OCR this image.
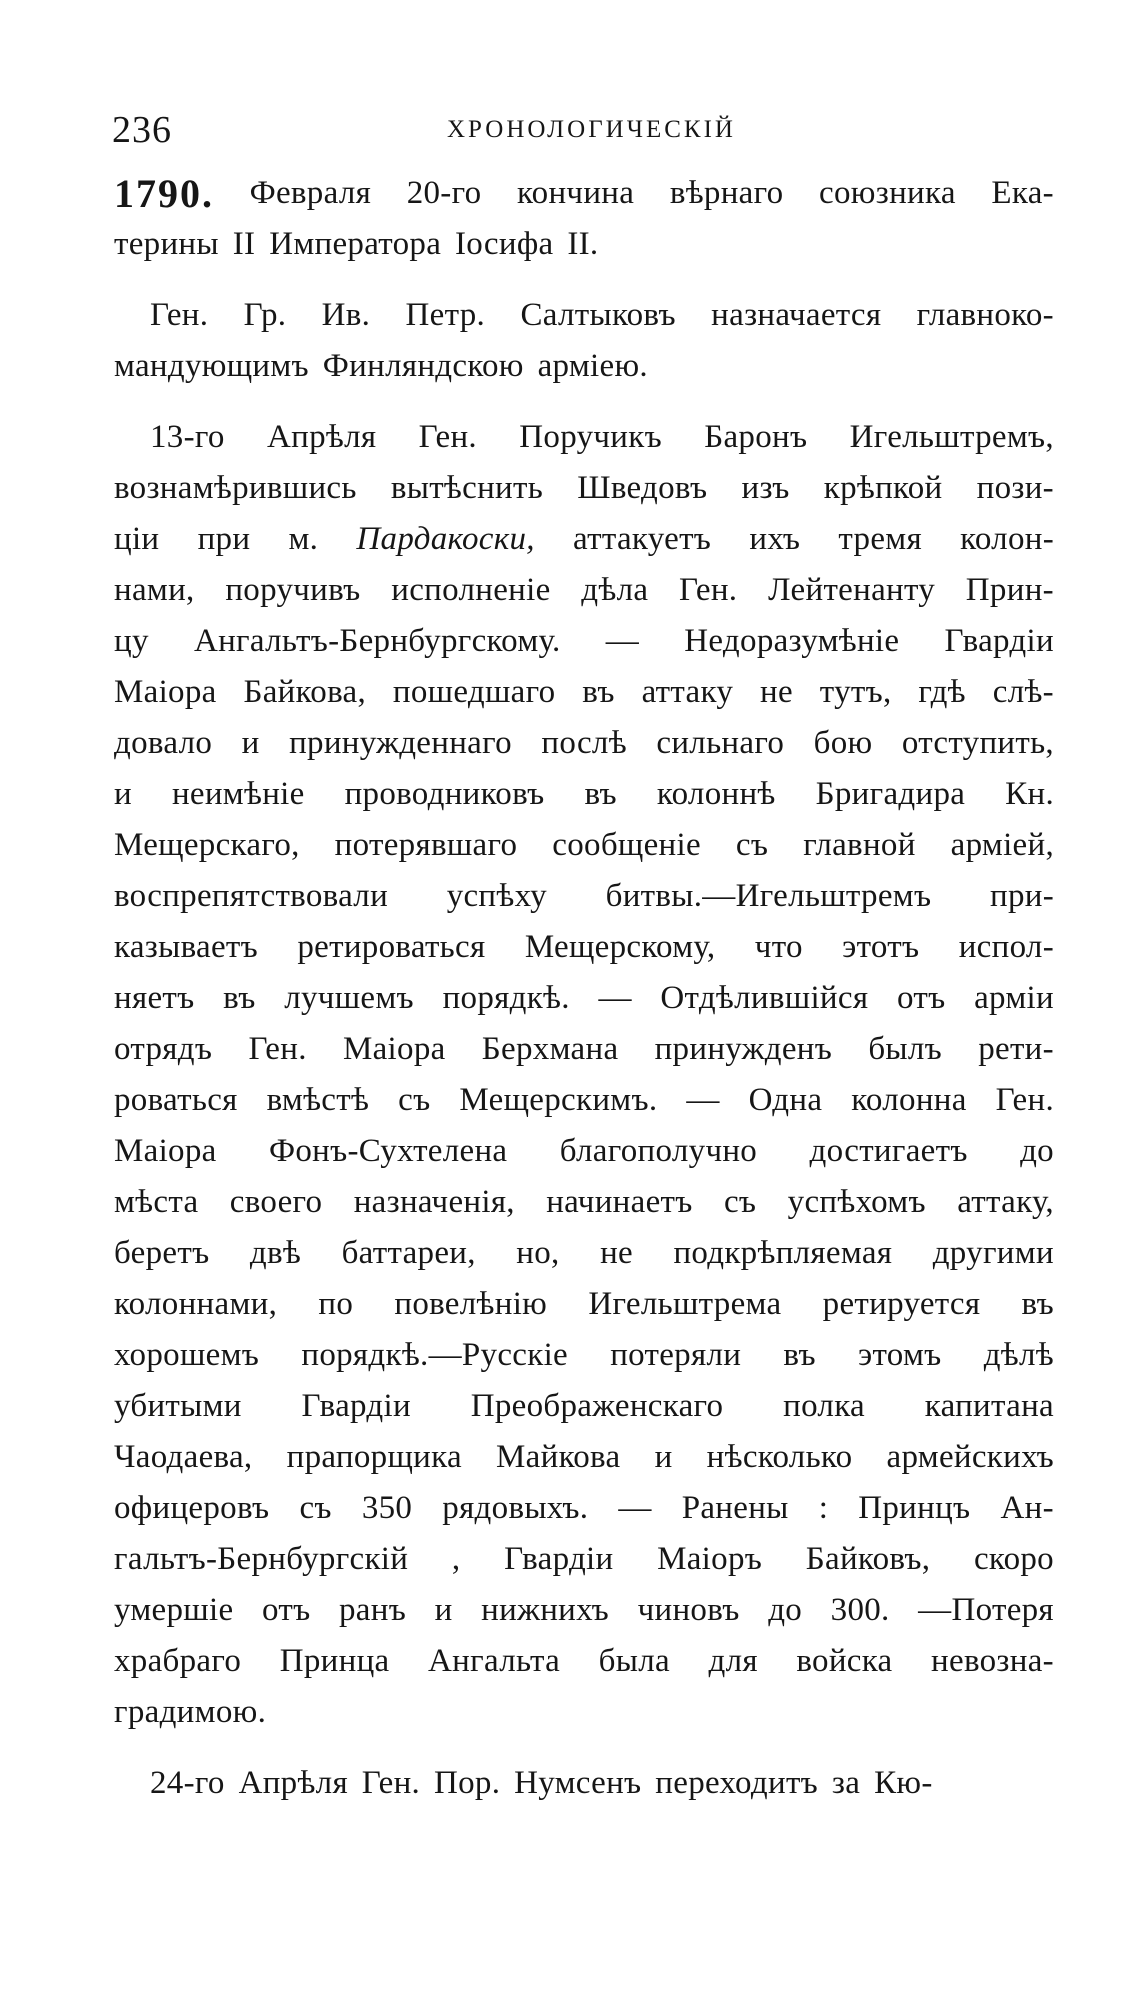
236	ХРОНОЛОГИЧЕСКІЙ
1790. Февраля 20-го кончина вѣрнаго союзника Ека-
терины II Императора Іосифа II.
Ген. Гр. Ив. Петр. Салтыковъ назначается главноко-
мандующимъ Финляндскою арміею.
13-го Апрѣля Ген. Поручикъ Баронъ Игельштремъ,
вознамѣрившись вытѣснить Шведовъ изъ крѣпкой пози-
ціи при м. Пардакоски, аттакуетъ ихъ тремя колон-
нами, поручивъ исполненіе дѣла Ген. Лейтенанту Прин-
цу Ангальтъ-Бернбургскому. — Недоразумѣніе Гвардіи
Маіора Байкова, пошедшаго въ аттаку не тутъ, гдѣ слѣ-
довало и принужденнаго послѣ сильнаго бою отступить,
и неимѣніе проводниковъ въ колоннѣ Бригадира Кн.
Мещерскаго, потерявшаго сообщеніе съ главной арміей,
воспрепятствовали успѣху битвы.—Игельштремъ при-
казываетъ ретироваться Мещерскому, что этотъ испол-
няетъ въ лучшемъ порядкѣ. — Отдѣлившійся отъ арміи
отрядъ Ген. Маіора Берхмана принужденъ былъ рети-
роваться вмѣстѣ съ Мещерскимъ. — Одна колонна Ген.
Маіора Фонъ-Сухтелена благополучно достигаетъ до
мѣста своего назначенія, начинаетъ съ успѣхомъ аттаку,
беретъ двѣ баттареи, но, не подкрѣпляемая другими
колоннами, по повелѣнію Игельштрема ретируется въ
хорошемъ порядкѣ.—Русскіе потеряли въ этомъ дѣлѣ
убитыми Гвардіи Преображенскаго полка капитана
Чаодаева, прапорщика Майкова и нѣсколько армейскихъ
офицеровъ съ 350 рядовыхъ. — Ранены : Принцъ Ан-
гальтъ-Бернбургскій , Гвардіи Маіоръ Байковъ, скоро
умершіе отъ ранъ и нижнихъ чиновъ до 300. —Потеря
храбраго Принца Ангальта была для войска невозна-
градимою.
24-го Апрѣля Ген. Пор. Нумсенъ переходитъ за Кю-
